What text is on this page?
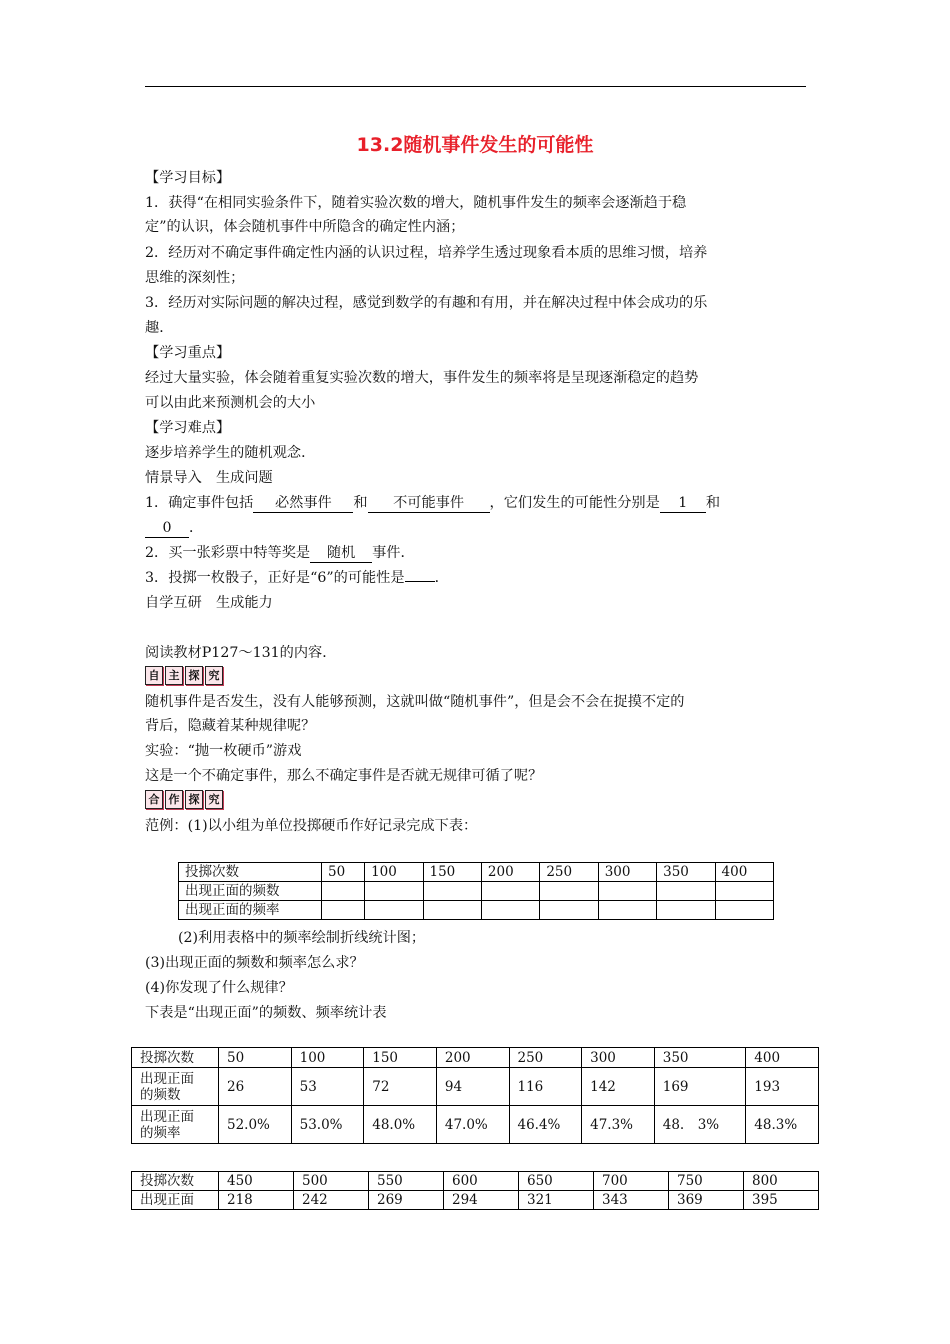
13.2随机事件发生的可能性
【学习目标】
1．获得“在相同实验条件下，随着实验次数的增大，随机事件发生的频率会逐渐趋于稳
定”的认识，体会随机事件中所隐含的确定性内涵；
2．经历对不确定事件确定性内涵的认识过程，培养学生透过现象看本质的思维习惯，培养
思维的深刻性；
3．经历对实际问题的解决过程，感觉到数学的有趣和有用，并在解决过程中体会成功的乐
趣．
【学习重点】
经过大量实验，体会随着重复实验次数的增大，事件发生的频率将是呈现逐渐稳定的趋势
可以由此来预测机会的大小
【学习难点】
逐步培养学生的随机观念．
情景导入　生成问题
1．确定事件包括 必然事件 和 不可能事件 ，它们发生的可能性分别是 1 和
0 ．
2．买一张彩票中特等奖是 随机 事件．
3．投掷一枚骰子，正好是“6”的可能性是 ．
自学互研　生成能力
阅读教材P127～131的内容．
自 主 探 究
随机事件是否发生，没有人能够预测，这就叫做“随机事件”，但是会不会在捉摸不定的
背后，隐藏着某种规律呢？
实验：“抛一枚硬币”游戏
这是一个不确定事件，那么不确定事件是否就无规律可循了呢？
合 作 探 究
范例：(1)以小组为单位投掷硬币作好记录完成下表：
投掷次数	50	100	150	200	250	300	350	400
出现正面的频数								
出现正面的频率								
(2)利用表格中的频率绘制折线统计图；
(3)出现正面的频数和频率怎么求？
(4)你发现了什么规律？
下表是“出现正面”的频数、频率统计表
投掷次数	50	100	150	200	250	300	350	400

出现正面
的频数	26	53	72	94	116	142	169	193

出现正面
的频率	52.0%	53.0%	48.0%	47.0%	46.4%	47.3%	48.　3%	48.3%
投掷次数	450	500	550	600	650	700	750	800
出现正面	218	242	269	294	321	343	369	395
